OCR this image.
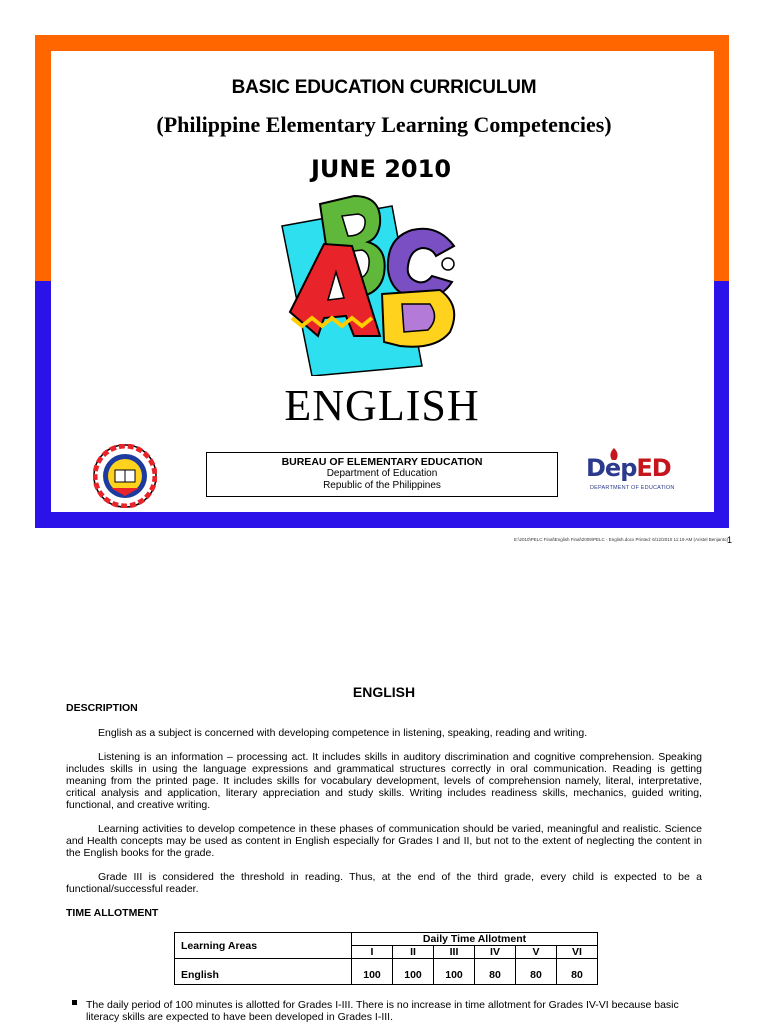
BASIC EDUCATION CURRICULUM
(Philippine Elementary Learning Competencies)
JUNE 2010
ENGLISH
BUREAU OF ELEMENTARY EDUCATION
Department of Education
Republic of the Philippines
DepED
DEPARTMENT OF EDUCATION
E:\2010\PELC Final\English Final\2009\PELC - English.docx Printed: 6/12/2010 11:19 AM (Aristel Benjanto) 1
ENGLISH
DESCRIPTION
English as a subject is concerned with developing competence in listening, speaking, reading and writing.
Listening is an information – processing act. It includes skills in auditory discrimination and cognitive comprehension. Speaking includes skills in using the language expressions and grammatical structures correctly in oral communication. Reading is getting meaning from the printed page. It includes skills for vocabulary development, levels of comprehension namely, literal, interpretative, critical analysis and application, literary appreciation and study skills. Writing includes readiness skills, mechanics, guided writing, functional, and creative writing.
Learning activities to develop competence in these phases of communication should be varied, meaningful and realistic. Science and Health concepts may be used as content in English especially for Grades I and II, but not to the extent of neglecting the content in the English books for the grade.
Grade III is considered the threshold in reading. Thus, at the end of the third grade, every child is expected to be a functional/successful reader.
TIME ALLOTMENT
Learning Areas	Daily Time Allotment					
	I	II	III	IV	V	VI
English	100	100	100	80	80	80
The daily period of 100 minutes is allotted for Grades I-III. There is no increase in time allotment for Grades IV-VI because basic literacy skills are expected to have been developed in Grades I-III.
